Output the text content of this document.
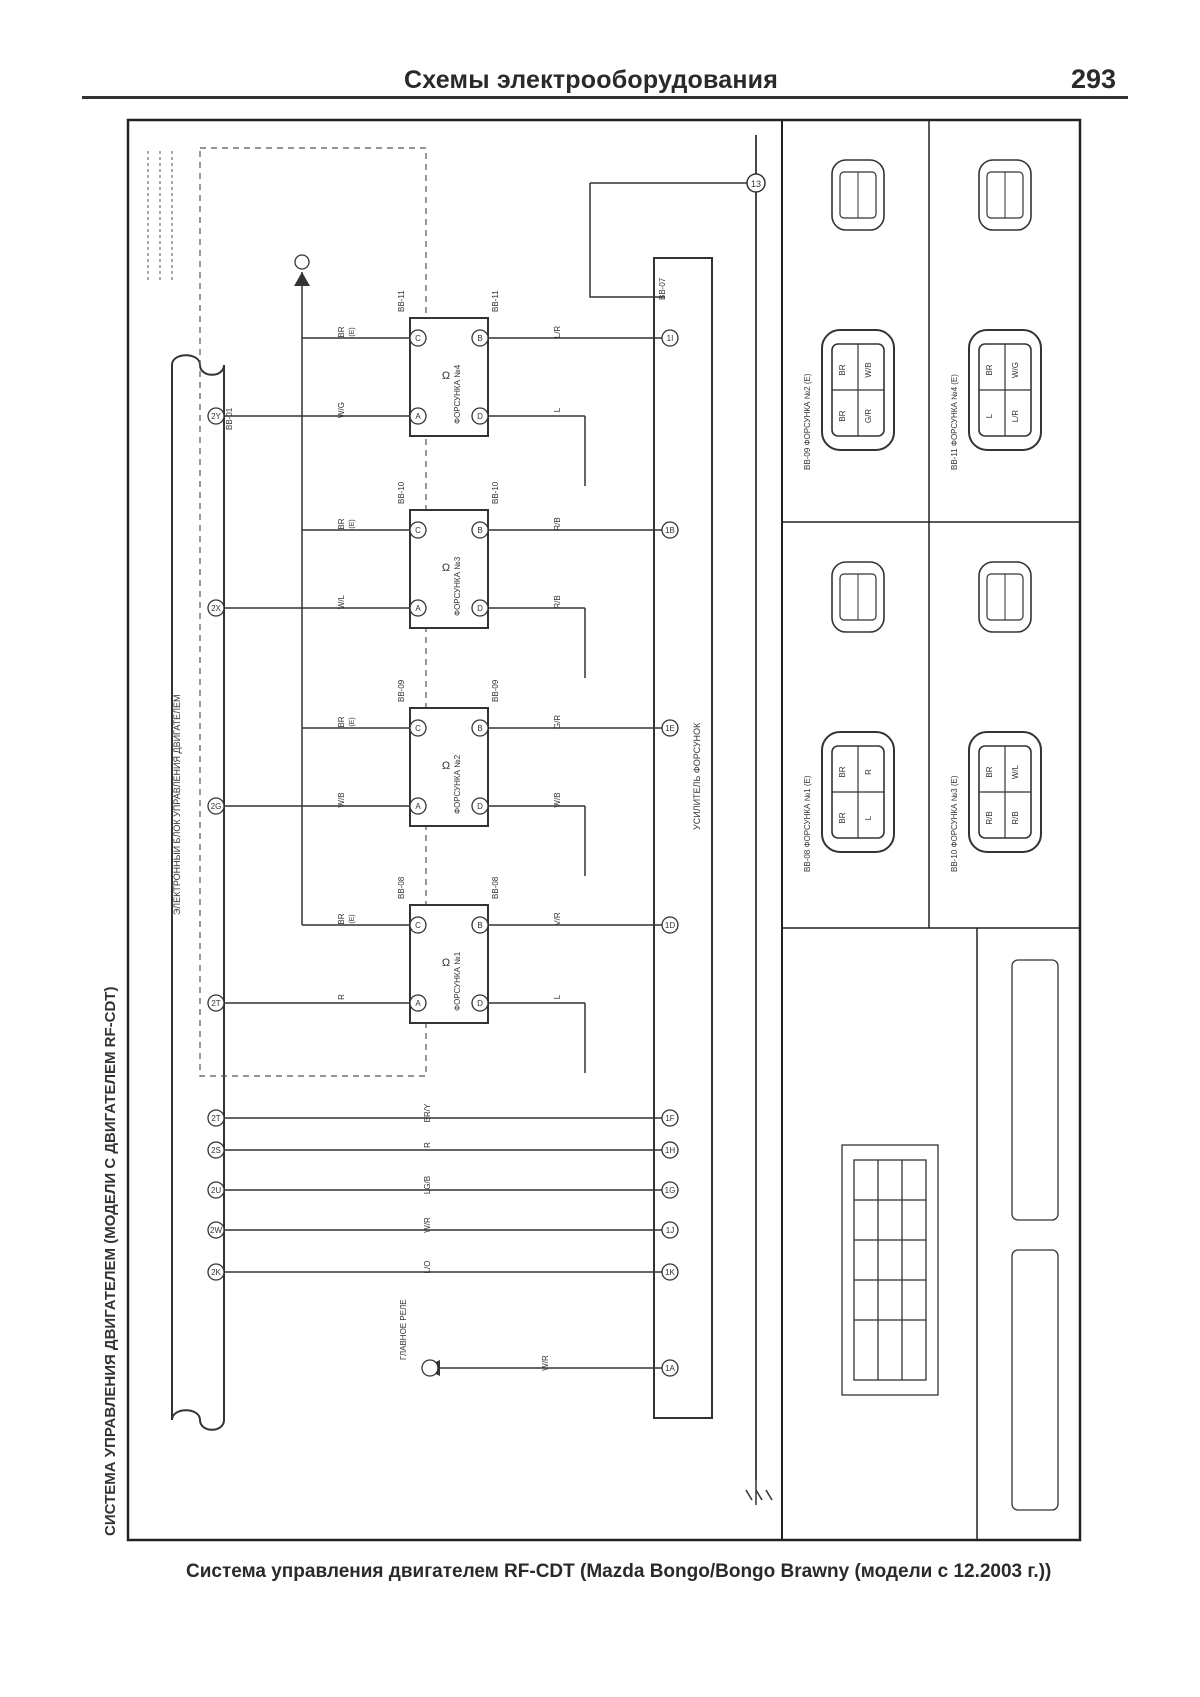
Схемы электрооборудования	293
СИСТЕМА УПРАВЛЕНИЯ ДВИГАТЕЛЕМ (МОДЕЛИ С ДВИГАТЕЛЕМ RF-CDT)
ЭЛЕКТРОННЫЙ БЛОК УПРАВЛЕНИЯ ДВИГАТЕЛЕМ
BB-01
УСИЛИТЕЛЬ ФОРСУНОК
BB-07
13
ФОРСУНКА №4
Ω
BB-11	BB-11
C
A
B
D
BR (E)
W/G
2Y
L/R
1I
L
ФОРСУНКА №3
Ω
BB-10	BB-10
C
A
B
D
BR (E)
W/L
2X
R/B	1B
R/B
ФОРСУНКА №2
Ω
BB-09	BB-09
C
A
B
D
BR (E)
W/B
2G
G/R	1E
W/B
ФОРСУНКА №1
Ω
BB-08	BB-08
C
A
B
D
BR (E)
R
2T
V/R	1D
L
2T	1F
BR/Y
2S	1H
R
2U	1G
LG/B
2W	1J
W/R
2K	1K
L/O
1A
W/R
ГЛАВНОЕ РЕЛЕ
BR R
BR L
BB-08 ФОРСУНКА №1 (E)
BR W/B
BR G/R
BB-09 ФОРСУНКА №2 (E)
BR W/L
R/B R/B
BB-10 ФОРСУНКА №3 (E)
BR W/G
L L/R
BB-11 ФОРСУНКА №4 (E)
Система управления двигателем RF-CDT (Mazda Bongo/Bongo Brawny (модели с 12.2003 г.))
